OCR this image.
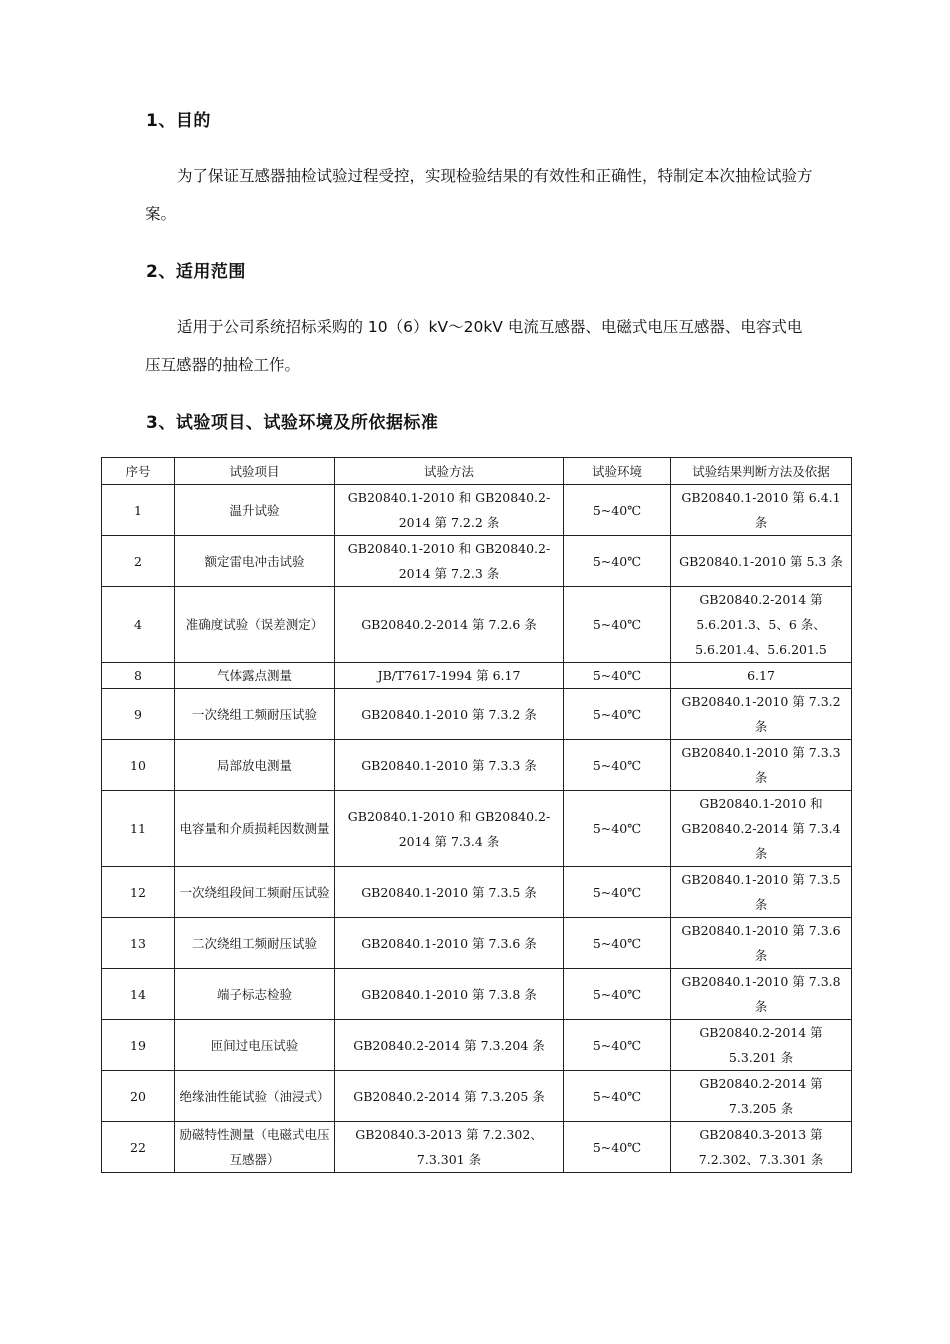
1、目的

为了保证互感器抽检试验过程受控，实现检验结果的有效性和正确性，特制定本次抽检试验方案。

2、适用范围

适用于公司系统招标采购的 10（6）kV～20kV 电流互感器、电磁式电压互感器、电容式电压互感器的抽检工作。

3、试验项目、试验环境及所依据标准
序号	试验项目	试验方法	试验环境	试验结果判断方法及依据
1	温升试验	GB20840.1-2010 和 GB20840.2-2014 第 7.2.2 条	5~40℃	GB20840.1-2010 第 6.4.1 条
2	额定雷电冲击试验	GB20840.1-2010 和 GB20840.2-2014 第 7.2.3 条	5~40℃	GB20840.1-2010 第 5.3 条
4	准确度试验（误差测定）	GB20840.2-2014 第 7.2.6 条	5~40℃	GB20840.2-2014 第 5.6.201.3、5、6 条、5.6.201.4、5.6.201.5
8	气体露点测量	JB/T7617-1994 第 6.17	5~40℃	6.17
9	一次绕组工频耐压试验	GB20840.1-2010 第 7.3.2 条	5~40℃	GB20840.1-2010 第 7.3.2 条
10	局部放电测量	GB20840.1-2010 第 7.3.3 条	5~40℃	GB20840.1-2010 第 7.3.3 条
11	电容量和介质损耗因数测量	GB20840.1-2010 和 GB20840.2-2014 第 7.3.4 条	5~40℃	GB20840.1-2010 和 GB20840.2-2014 第 7.3.4 条
12	一次绕组段间工频耐压试验	GB20840.1-2010 第 7.3.5 条	5~40℃	GB20840.1-2010 第 7.3.5 条
13	二次绕组工频耐压试验	GB20840.1-2010 第 7.3.6 条	5~40℃	GB20840.1-2010 第 7.3.6 条
14	端子标志检验	GB20840.1-2010 第 7.3.8 条	5~40℃	GB20840.1-2010 第 7.3.8 条
19	匝间过电压试验	GB20840.2-2014 第 7.3.204 条	5~40℃	GB20840.2-2014 第 5.3.201 条
20	绝缘油性能试验（油浸式）	GB20840.2-2014 第 7.3.205 条	5~40℃	GB20840.2-2014 第 7.3.205 条
22	励磁特性测量（电磁式电压互感器）	GB20840.3-2013 第 7.2.302、7.3.301 条	5~40℃	GB20840.3-2013 第 7.2.302、7.3.301 条
